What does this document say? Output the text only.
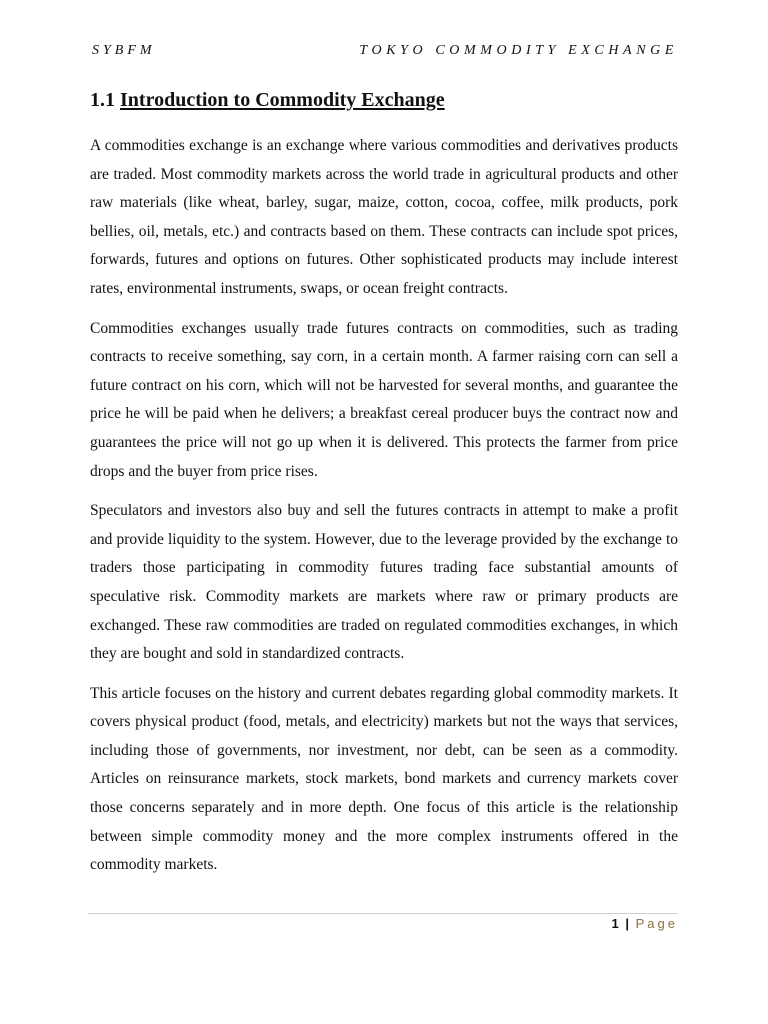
SYBFM	TOKYO COMMODITY EXCHANGE
1.1 Introduction to Commodity Exchange

A commodities exchange is an exchange where various commodities and derivatives products are traded. Most commodity markets across the world trade in agricultural products and other raw materials (like wheat, barley, sugar, maize, cotton, cocoa, coffee, milk products, pork bellies, oil, metals, etc.) and contracts based on them. These contracts can include spot prices, forwards, futures and options on futures. Other sophisticated products may include interest rates, environmental instruments, swaps, or ocean freight contracts.

Commodities exchanges usually trade futures contracts on commodities, such as trading contracts to receive something, say corn, in a certain month. A farmer raising corn can sell a future contract on his corn, which will not be harvested for several months, and guarantee the price he will be paid when he delivers; a breakfast cereal producer buys the contract now and guarantees the price will not go up when it is delivered. This protects the farmer from price drops and the buyer from price rises.

Speculators and investors also buy and sell the futures contracts in attempt to make a profit and provide liquidity to the system. However, due to the leverage provided by the exchange to traders those participating in commodity futures trading face substantial amounts of speculative risk. Commodity markets are markets where raw or primary products are exchanged. These raw commodities are traded on regulated commodities exchanges, in which they are bought and sold in standardized contracts.

This article focuses on the history and current debates regarding global commodity markets. It covers physical product (food, metals, and electricity) markets but not the ways that services, including those of governments, nor investment, nor debt, can be seen as a commodity. Articles on reinsurance markets, stock markets, bond markets and currency markets cover those concerns separately and in more depth. One focus of this article is the relationship between simple commodity money and the more complex instruments offered in the commodity markets.

1 | Page
